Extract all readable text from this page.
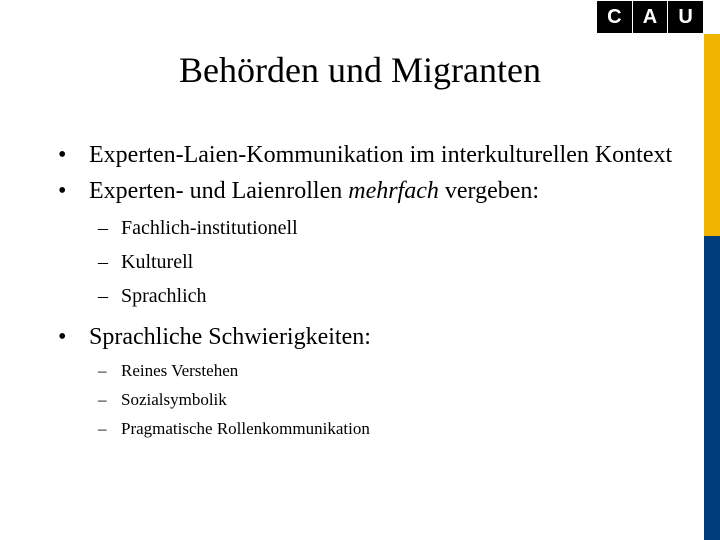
C	A	U
Behörden und Migranten
• Experten-Laien-Kommunikation im interkulturellen Kontext
• Experten- und Laienrollen mehrfach vergeben:
– Fachlich-institutionell
– Kulturell
– Sprachlich
• Sprachliche Schwierigkeiten:
– Reines Verstehen
– Sozialsymbolik
– Pragmatische Rollenkommunikation
